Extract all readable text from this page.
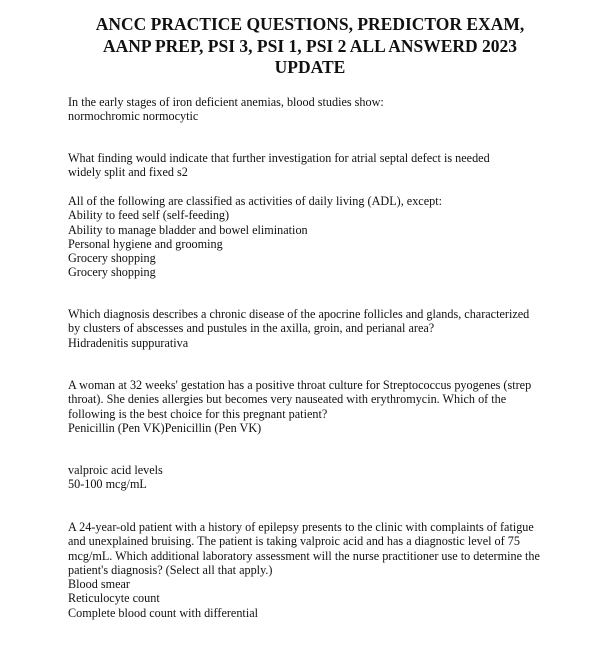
ANCC PRACTICE QUESTIONS, PREDICTOR EXAM,
AANP PREP, PSI 3, PSI 1, PSI 2 ALL ANSWERD 2023
UPDATE
In the early stages of iron deficient anemias, blood studies show:
normochromic normocytic
What finding would indicate that further investigation for atrial septal defect is needed
widely split and fixed s2
All of the following are classified as activities of daily living (ADL), except:
Ability to feed self (self-feeding)
Ability to manage bladder and bowel elimination
Personal hygiene and grooming
Grocery shopping
Grocery shopping
Which diagnosis describes a chronic disease of the apocrine follicles and glands, characterized
by clusters of abscesses and pustules in the axilla, groin, and perianal area?
Hidradenitis suppurativa
A woman at 32 weeks' gestation has a positive throat culture for Streptococcus pyogenes (strep
throat). She denies allergies but becomes very nauseated with erythromycin. Which of the
following is the best choice for this pregnant patient?
Penicillin (Pen VK)Penicillin (Pen VK)
valproic acid levels
50-100 mcg/mL
A 24-year-old patient with a history of epilepsy presents to the clinic with complaints of fatigue
and unexplained bruising. The patient is taking valproic acid and has a diagnostic level of 75
mcg/mL. Which additional laboratory assessment will the nurse practitioner use to determine the
patient's diagnosis? (Select all that apply.)
Blood smear
Reticulocyte count
Complete blood count with differential
